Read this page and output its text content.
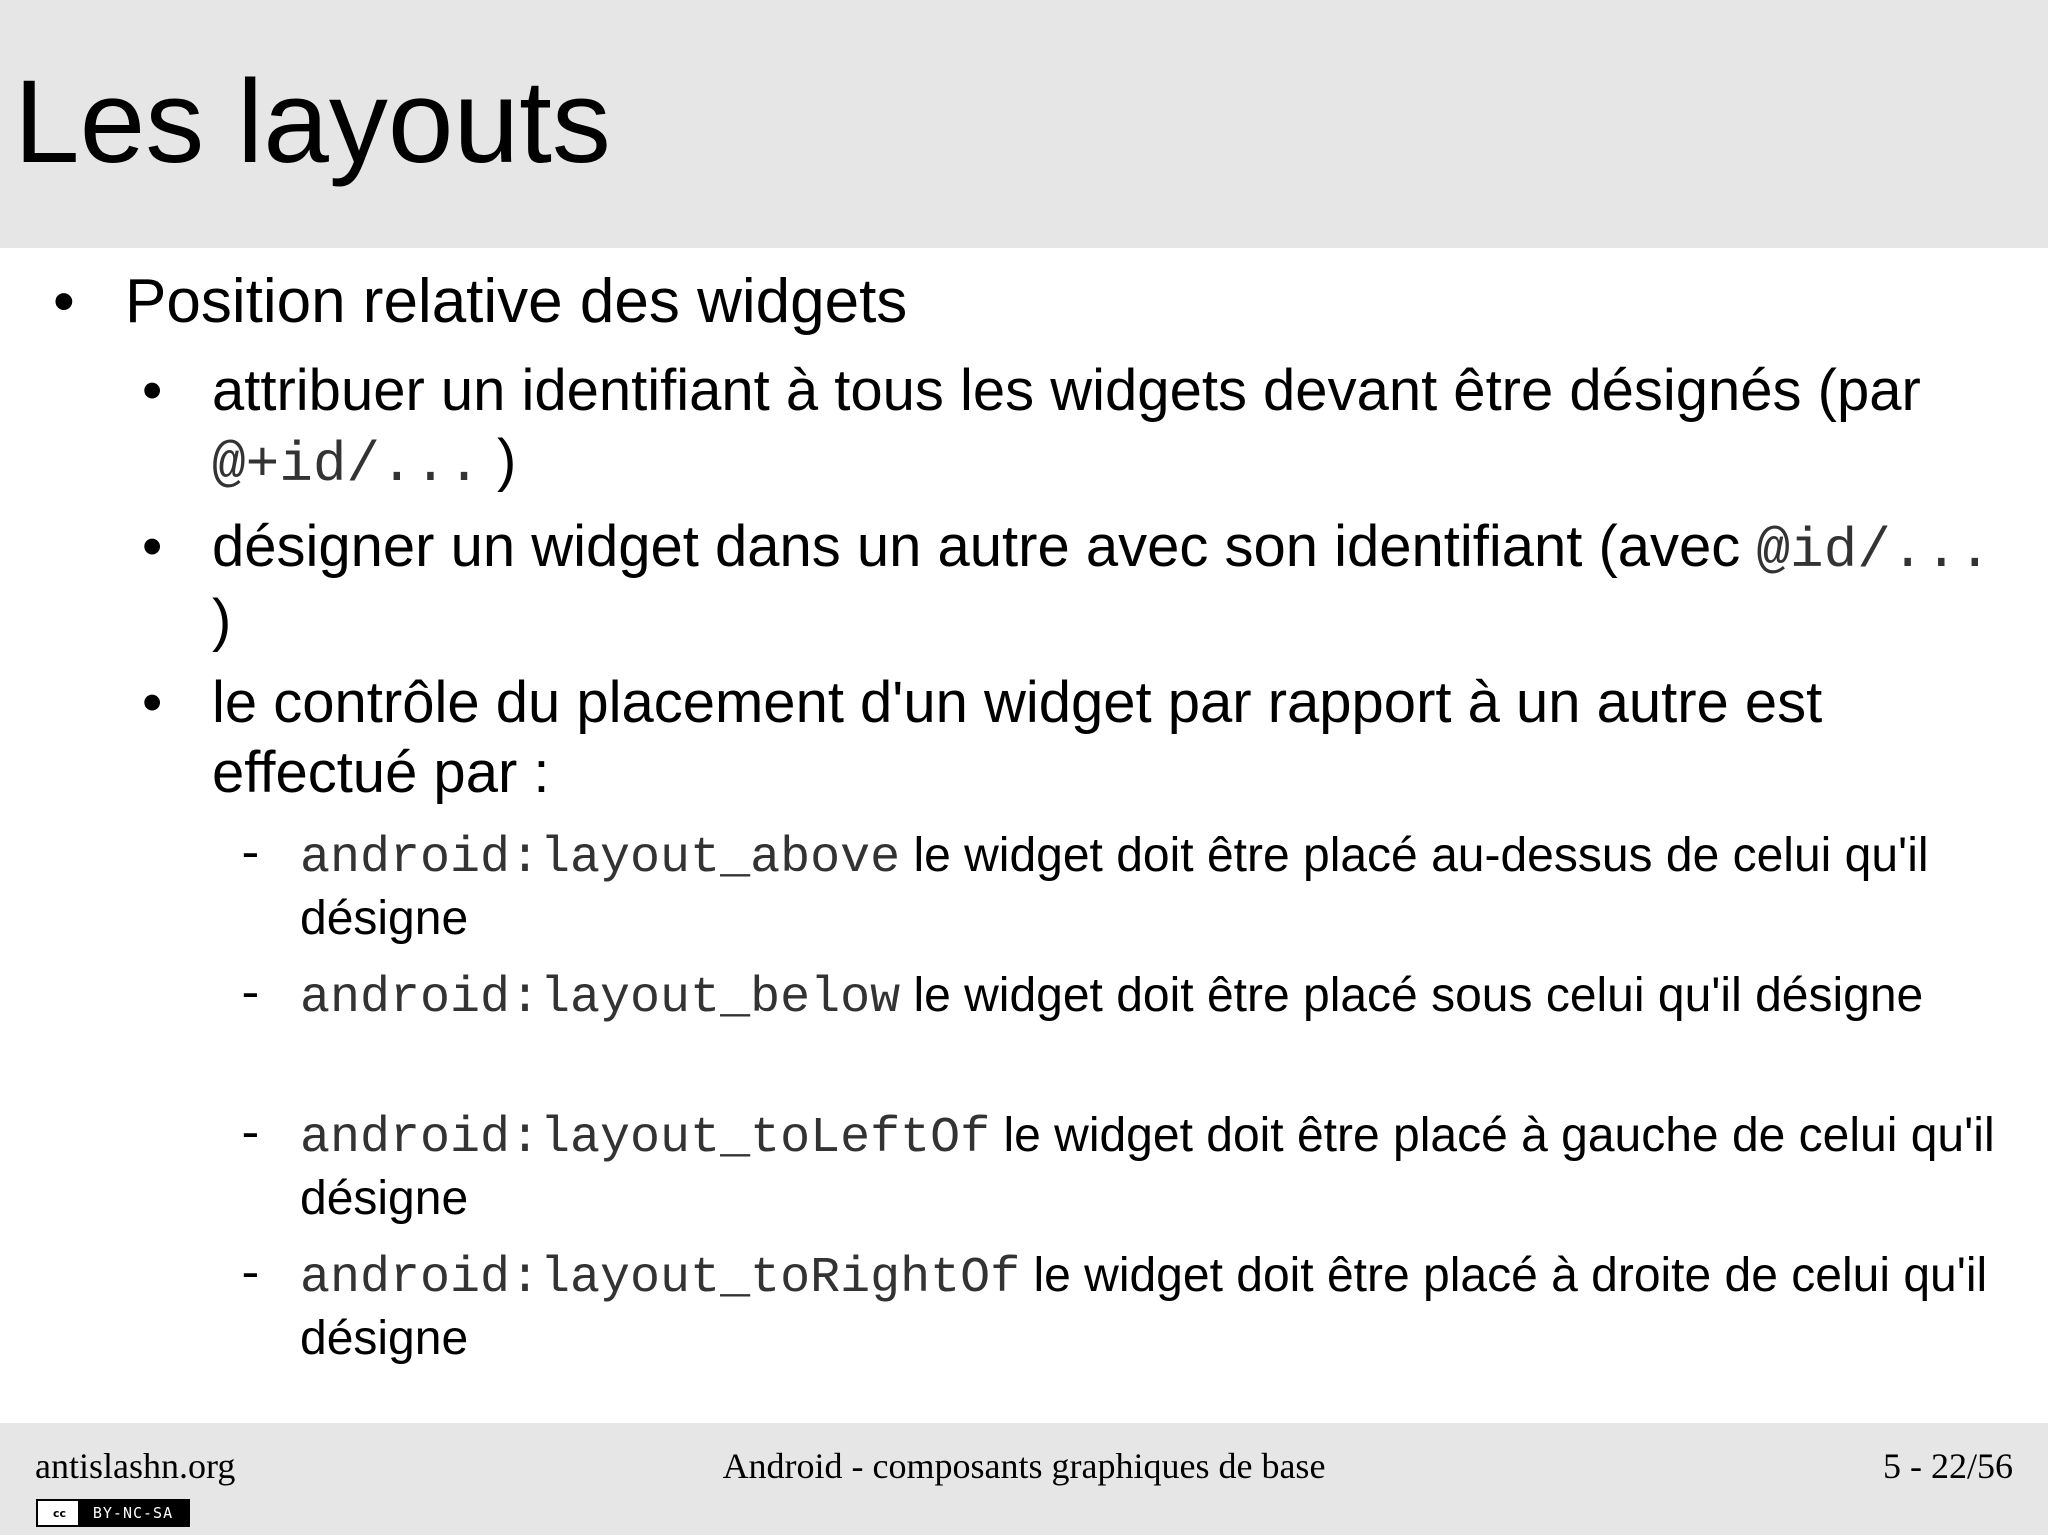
Les layouts
• Position relative des widgets
• attribuer un identifiant à tous les widgets devant être désignés (par @+id/... )
• désigner un widget dans un autre avec son identifiant (avec @id/... )
• le contrôle du placement d'un widget par rapport à un autre est effectué par :
- android:layout_above le widget doit être placé au-dessus de celui qu'il désigne
- android:layout_below le widget doit être placé sous celui qu'il désigne
- android:layout_toLeftOf le widget doit être placé à gauche de celui qu'il désigne
- android:layout_toRightOf le widget doit être placé à droite de celui qu'il désigne
antislashn.org	Android - composants graphiques de base	5 - 22/56
cc	BY-NC-SA
